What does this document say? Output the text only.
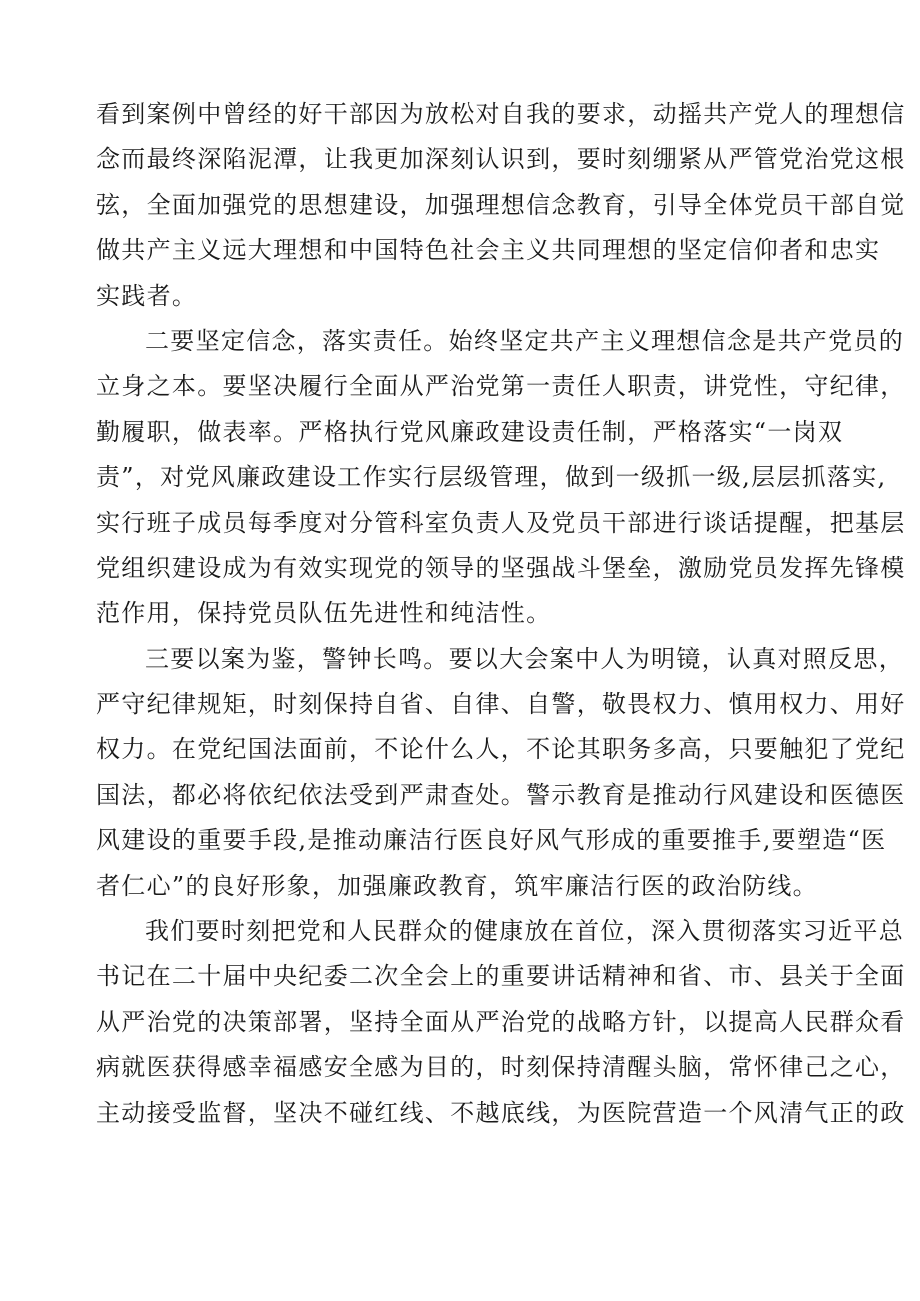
看到案例中曾经的好干部因为放松对自我的要求，动摇共产党人的理想信
念而最终深陷泥潭，让我更加深刻认识到，要时刻绷紧从严管党治党这根
弦，全面加强党的思想建设，加强理想信念教育，引导全体党员干部自觉
做共产主义远大理想和中国特色社会主义共同理想的坚定信仰者和忠实
实践者。
二要坚定信念，落实责任。始终坚定共产主义理想信念是共产党员的
立身之本。要坚决履行全面从严治党第一责任人职责，讲党性，守纪律，
勤履职，做表率。严格执行党风廉政建设责任制，严格落实“一岗双
责”，对党风廉政建设工作实行层级管理，做到一级抓一级,层层抓落实,
实行班子成员每季度对分管科室负责人及党员干部进行谈话提醒，把基层
党组织建设成为有效实现党的领导的坚强战斗堡垒，激励党员发挥先锋模
范作用，保持党员队伍先进性和纯洁性。
三要以案为鉴，警钟长鸣。要以大会案中人为明镜，认真对照反思，
严守纪律规矩，时刻保持自省、自律、自警，敬畏权力、慎用权力、用好
权力。在党纪国法面前，不论什么人，不论其职务多高，只要触犯了党纪
国法，都必将依纪依法受到严肃查处。警示教育是推动行风建设和医德医
风建设的重要手段,是推动廉洁行医良好风气形成的重要推手,要塑造“医
者仁心”的良好形象，加强廉政教育，筑牢廉洁行医的政治防线。
我们要时刻把党和人民群众的健康放在首位，深入贯彻落实习近平总
书记在二十届中央纪委二次全会上的重要讲话精神和省、市、县关于全面
从严治党的决策部署，坚持全面从严治党的战略方针，以提高人民群众看
病就医获得感幸福感安全感为目的，时刻保持清醒头脑，常怀律己之心，
主动接受监督，坚决不碰红线、不越底线，为医院营造一个风清气正的政
